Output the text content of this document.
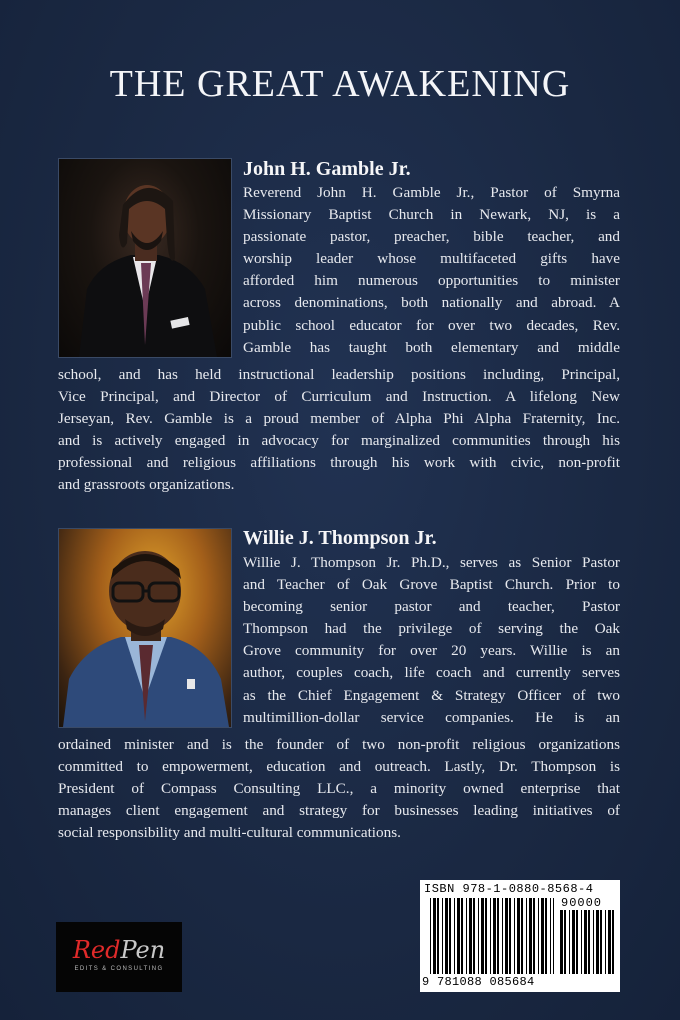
THE GREAT AWAKENING
John H. Gamble Jr.
Reverend John H. Gamble Jr., Pastor of Smyrna
Missionary Baptist Church in Newark, NJ, is a
passionate pastor, preacher, bible teacher, and
worship leader whose multifaceted gifts have
afforded him numerous opportunities to minister
across denominations, both nationally and abroad. A
public school educator for over two decades, Rev.
Gamble has taught both elementary and middle
school, and has held instructional leadership positions including, Principal,
Vice Principal, and Director of Curriculum and Instruction. A lifelong New
Jerseyan, Rev. Gamble is a proud member of Alpha Phi Alpha Fraternity, Inc.
and is actively engaged in advocacy for marginalized communities through his
professional and religious affiliations through his work with civic, non-profit
and grassroots organizations.
Willie J. Thompson Jr.
Willie J. Thompson Jr. Ph.D., serves as Senior Pastor
and Teacher of Oak Grove Baptist Church. Prior to
becoming senior pastor and teacher, Pastor
Thompson had the privilege of serving the Oak
Grove community for over 20 years. Willie is an
author, couples coach, life coach and currently serves
as the Chief Engagement & Strategy Officer of two
multimillion-dollar service companies. He is an
ordained minister and is the founder of two non-profit religious organizations
committed to empowerment, education and outreach. Lastly, Dr. Thompson is
President of Compass Consulting LLC., a minority owned enterprise that
manages client engagement and strategy for businesses leading initiatives of
social responsibility and multi-cultural communications.
RedPen
EDITS & CONSULTING
ISBN 978-1-0880-8568-4
90000
9 781088 085684
